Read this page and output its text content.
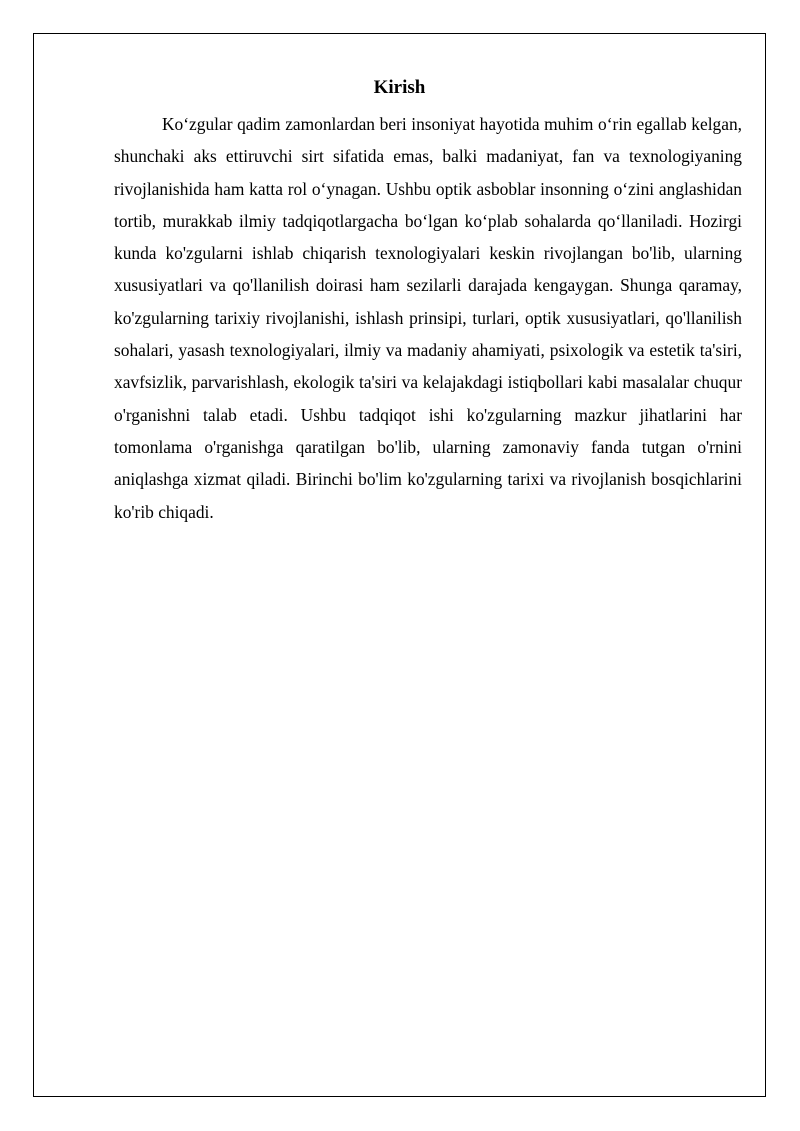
Kirish

Ko‘zgular qadim zamonlardan beri insoniyat hayotida muhim o‘rin egallab kelgan, shunchaki aks ettiruvchi sirt sifatida emas, balki madaniyat, fan va texnologiyaning rivojlanishida ham katta rol o‘ynagan. Ushbu optik asboblar insonning o‘zini anglashidan tortib, murakkab ilmiy tadqiqotlargacha bo‘lgan ko‘plab sohalarda qo‘llaniladi. Hozirgi kunda ko'zgularni ishlab chiqarish texnologiyalari keskin rivojlangan bo'lib, ularning xususiyatlari va qo'llanilish doirasi ham sezilarli darajada kengaygan. Shunga qaramay, ko'zgularning tarixiy rivojlanishi, ishlash prinsipi, turlari, optik xususiyatlari, qo'llanilish sohalari, yasash texnologiyalari, ilmiy va madaniy ahamiyati, psixologik va estetik ta'siri, xavfsizlik, parvarishlash, ekologik ta'siri va kelajakdagi istiqbollari kabi masalalar chuqur o'rganishni talab etadi. Ushbu tadqiqot ishi ko'zgularning mazkur jihatlarini har tomonlama o'rganishga qaratilgan bo'lib, ularning zamonaviy fanda tutgan o'rnini aniqlashga xizmat qiladi. Birinchi bo'lim ko'zgularning tarixi va rivojlanish bosqichlarini ko'rib chiqadi.
